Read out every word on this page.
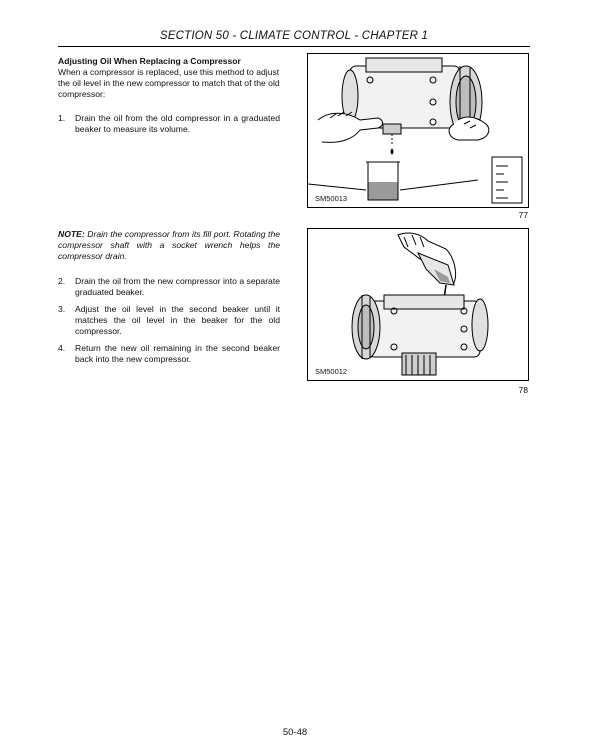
SECTION 50 - CLIMATE CONTROL - CHAPTER 1
Adjusting Oil When Replacing a Compressor
When a compressor is replaced, use this method to adjust the oil level in the new compressor to match that of the old compressor:

1. Drain the oil from the old compressor in a graduated beaker to measure its volume.

NOTE: Drain the compressor from its fill port. Rotating the compressor shaft with a socket wrench helps the compressor drain.

2. Drain the oil from the new compressor into a separate graduated beaker.

3. Adjust the oil level in the second beaker until it matches the oil level in the beaker for the old compressor.

4. Return the new oil remaining in the second beaker back into the new compressor.

SM50013
77
SM50012
78
50-48
